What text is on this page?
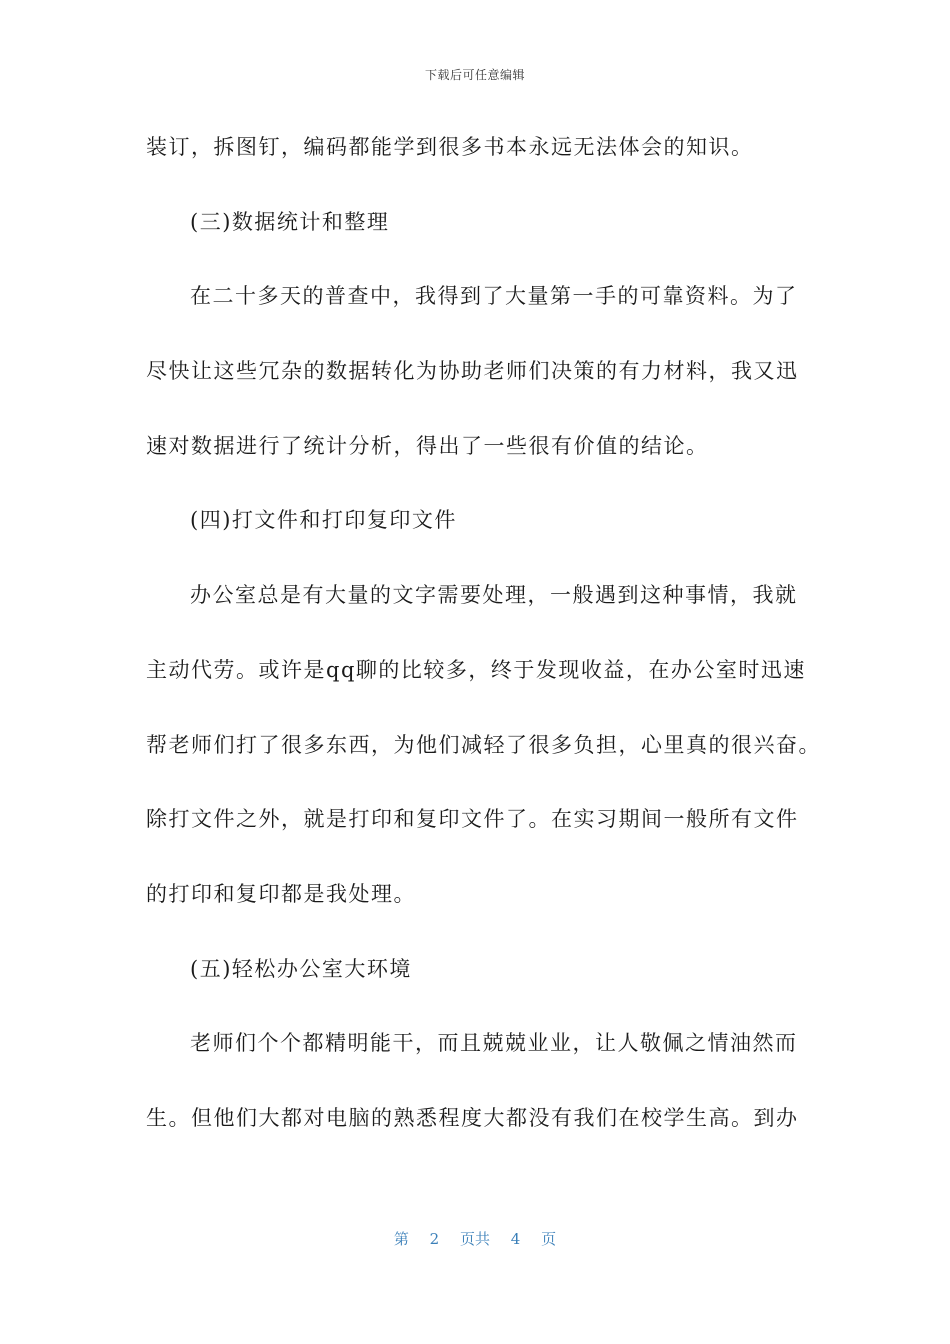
下载后可任意编辑
装订，拆图钉，编码都能学到很多书本永远无法体会的知识。
(三)数据统计和整理
在二十多天的普查中，我得到了大量第一手的可靠资料。为了
尽快让这些冗杂的数据转化为协助老师们决策的有力材料，我又迅
速对数据进行了统计分析，得出了一些很有价值的结论。
(四)打文件和打印复印文件
办公室总是有大量的文字需要处理，一般遇到这种事情，我就
主动代劳。或许是qq聊的比较多，终于发现收益，在办公室时迅速
帮老师们打了很多东西，为他们减轻了很多负担，心里真的很兴奋。
除打文件之外，就是打印和复印文件了。在实习期间一般所有文件
的打印和复印都是我处理。
(五)轻松办公室大环境
老师们个个都精明能干，而且兢兢业业，让人敬佩之情油然而
生。但他们大都对电脑的熟悉程度大都没有我们在校学生高。到办
第 2 页共 4 页
